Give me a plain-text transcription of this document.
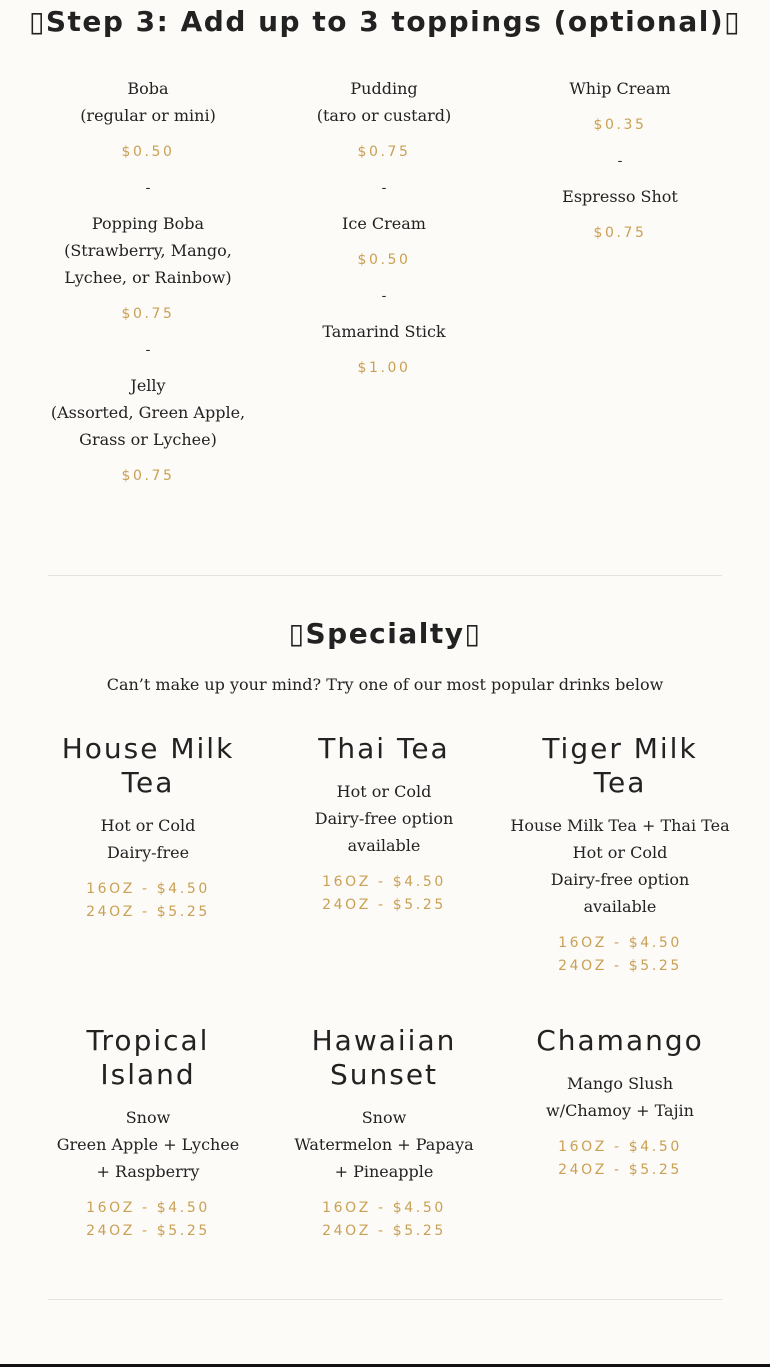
▯Step 3: Add up to 3 toppings (optional)▯

Boba

(regular or mini)

$0.50

-

Popping Boba

(Strawberry, Mango, Lychee, or Rainbow)

$0.75

-

Jelly

(Assorted, Green Apple, Grass or Lychee)

$0.75

Pudding

(taro or custard)

$0.75

-

Ice Cream

$0.50

-

Tamarind Stick

$1.00

Whip Cream

$0.35

-

Espresso Shot

$0.75

▯Specialty▯

Can’t make up your mind? Try one of our most popular drinks below

House Milk Tea

Hot or Cold
Dairy-free

16OZ - $4.50

24OZ - $5.25

Thai Tea

Hot or Cold
Dairy-free option available

16OZ - $4.50

24OZ - $5.25

Tiger Milk Tea

House Milk Tea + Thai Tea
Hot or Cold
Dairy-free option available

16OZ - $4.50

24OZ - $5.25

Tropical Island

Snow
Green Apple + Lychee + Raspberry

16OZ - $4.50

24OZ - $5.25

Hawaiian Sunset

Snow
Watermelon + Papaya + Pineapple

16OZ - $4.50

24OZ - $5.25

Chamango

Mango Slush
w/Chamoy + Tajin

16OZ - $4.50

24OZ - $5.25
